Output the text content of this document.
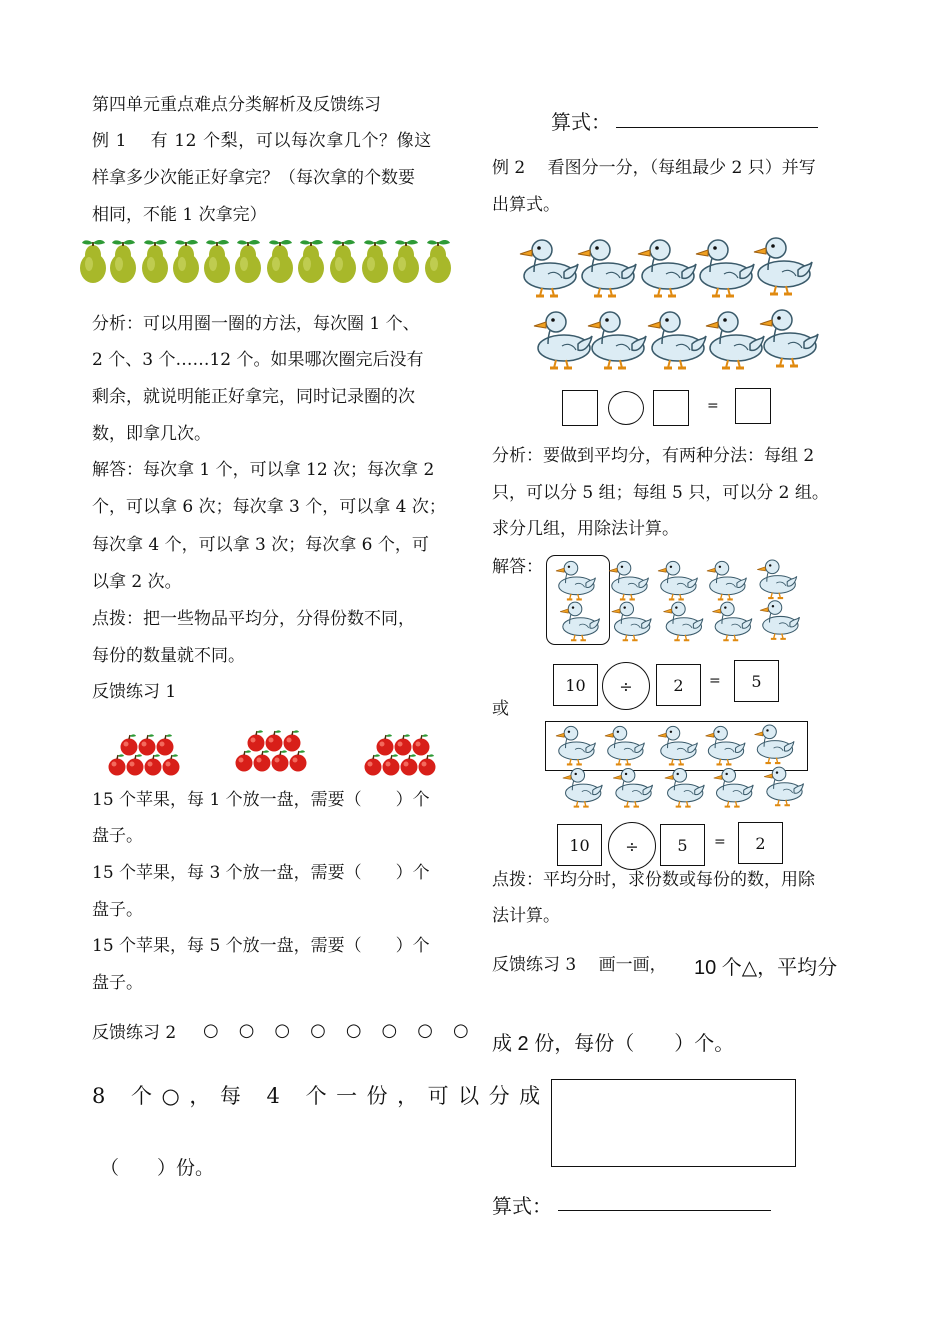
第四单元重点难点分类解析及反馈练习
例 1　 有 12 个梨，可以每次拿几个？像这
样拿多少次能正好拿完？（每次拿的个数要
相同，不能 1 次拿完）
分析：可以用圈一圈的方法，每次圈 1 个、
2 个、3 个……12 个。如果哪次圈完后没有
剩余，就说明能正好拿完，同时记录圈的次
数，即拿几次。
解答：每次拿 1 个，可以拿 12 次；每次拿 2
个，可以拿 6 次；每次拿 3 个，可以拿 4 次；
每次拿 4 个，可以拿 3 次；每次拿 6 个，可
以拿 2 次。
点拨：把一些物品平均分，分得份数不同，
每份的数量就不同。
反馈练习 1
15 个苹果，每 1 个放一盘，需要（　　）个
盘子。
15 个苹果，每 3 个放一盘，需要（　　）个
盘子。
15 个苹果，每 5 个放一盘，需要（　　）个
盘子。
反馈练习 2 ○　○　○　○　○　○　○　○
8 个○，每 4 个一份，可以分成
（　　）份。
算式：
例 2　 看图分一分，（每组最少 2 只）并写
出算式。
=
分析：要做到平均分，有两种分法：每组 2
只，可以分 5 组；每组 5 只，可以分 2 组。
求分几组，用除法计算。
解答：
10	÷	2	=	5
或
10	÷	5	=	2
点拨：平均分时，求份数或每份的数，用除
法计算。
反馈练习 3　 画一画， 10 个△，平均分
成 2 份，每份（　　）个。
算式：
